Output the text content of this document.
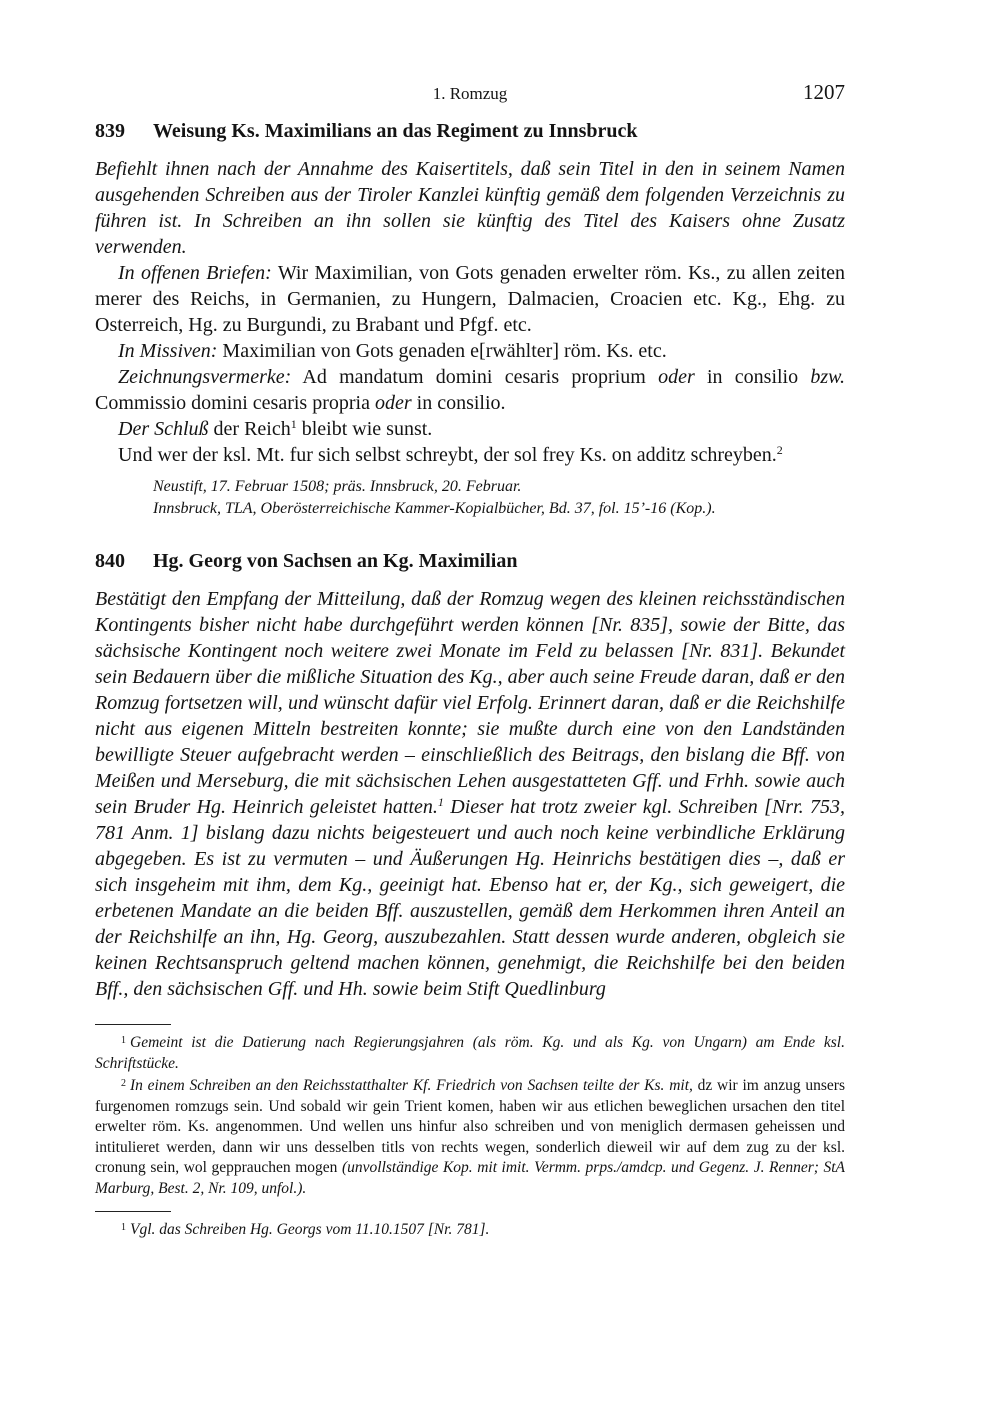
1. Romzug	1207
839	Weisung Ks. Maximilians an das Regiment zu Innsbruck

Befiehlt ihnen nach der Annahme des Kaisertitels, daß sein Titel in den in seinem Namen ausgehenden Schreiben aus der Tiroler Kanzlei künftig gemäß dem folgenden Verzeichnis zu führen ist. In Schreiben an ihn sollen sie künftig des Titel des Kaisers ohne Zusatz verwenden.

In offenen Briefen: Wir Maximilian, von Gots genaden erwelter röm. Ks., zu allen zeiten merer des Reichs, in Germanien, zu Hungern, Dalmacien, Croacien etc. Kg., Ehg. zu Osterreich, Hg. zu Burgundi, zu Brabant und Pfgf. etc.

In Missiven: Maximilian von Gots genaden e[rwählter] röm. Ks. etc.

Zeichnungsvermerke: Ad mandatum domini cesaris proprium oder in consilio bzw. Commissio domini cesaris propria oder in consilio.

Der Schluß der Reich$^1$ bleibt wie sunst.

Und wer der ksl. Mt. fur sich selbst schreybt, der sol frey Ks. on additz schreyben.$^2$

Neustift, 17. Februar 1508; präs. Innsbruck, 20. Februar.
Innsbruck, TLA, Oberösterreichische Kammer-Kopialbücher, Bd. 37, fol. 15’-16 (Kop.).
840	Hg. Georg von Sachsen an Kg. Maximilian

Bestätigt den Empfang der Mitteilung, daß der Romzug wegen des kleinen reichsständischen Kontingents bisher nicht habe durchgeführt werden können [Nr. 835], sowie der Bitte, das sächsische Kontingent noch weitere zwei Monate im Feld zu belassen [Nr. 831]. Bekundet sein Bedauern über die mißliche Situation des Kg., aber auch seine Freude daran, daß er den Romzug fortsetzen will, und wünscht dafür viel Erfolg. Erinnert daran, daß er die Reichshilfe nicht aus eigenen Mitteln bestreiten konnte; sie mußte durch eine von den Landständen bewilligte Steuer aufgebracht werden – einschließlich des Beitrags, den bislang die Bff. von Meißen und Merseburg, die mit sächsischen Lehen ausgestatteten Gff. und Frhh. sowie auch sein Bruder Hg. Heinrich geleistet hatten.$^1$ Dieser hat trotz zweier kgl. Schreiben [Nrr. 753, 781 Anm. 1] bislang dazu nichts beigesteuert und auch noch keine verbindliche Erklärung abgegeben. Es ist zu vermuten – und Äußerungen Hg. Heinrichs bestätigen dies –, daß er sich insgeheim mit ihm, dem Kg., geeinigt hat. Ebenso hat er, der Kg., sich geweigert, die erbetenen Mandate an die beiden Bff. auszustellen, gemäß dem Herkommen ihren Anteil an der Reichshilfe an ihn, Hg. Georg, auszubezahlen. Statt dessen wurde anderen, obgleich sie keinen Rechtsanspruch geltend machen können, genehmigt, die Reichshilfe bei den beiden Bff., den sächsischen Gff. und Hh. sowie beim Stift Quedlinburg

$^1$ Gemeint ist die Datierung nach Regierungsjahren (als röm. Kg. und als Kg. von Ungarn) am Ende ksl. Schriftstücke.

$^2$ In einem Schreiben an den Reichsstatthalter Kf. Friedrich von Sachsen teilte der Ks. mit, dz wir im anzug unsers furgenomen romzugs sein. Und sobald wir gein Trient komen, haben wir aus etlichen beweglichen ursachen den titel erwelter röm. Ks. angenommen. Und wellen uns hinfur also schreiben und von meniglich dermasen geheissen und intitulieret werden, dann wir uns desselben titls von rechts wegen, sonderlich dieweil wir auf dem zug zu der ksl. cronung sein, wol gepprauchen mogen (unvollständige Kop. mit imit. Vermm. prps./amdcp. und Gegenz. J. Renner; StA Marburg, Best. 2, Nr. 109, unfol.).

$^1$ Vgl. das Schreiben Hg. Georgs vom 11.10.1507 [Nr. 781].
